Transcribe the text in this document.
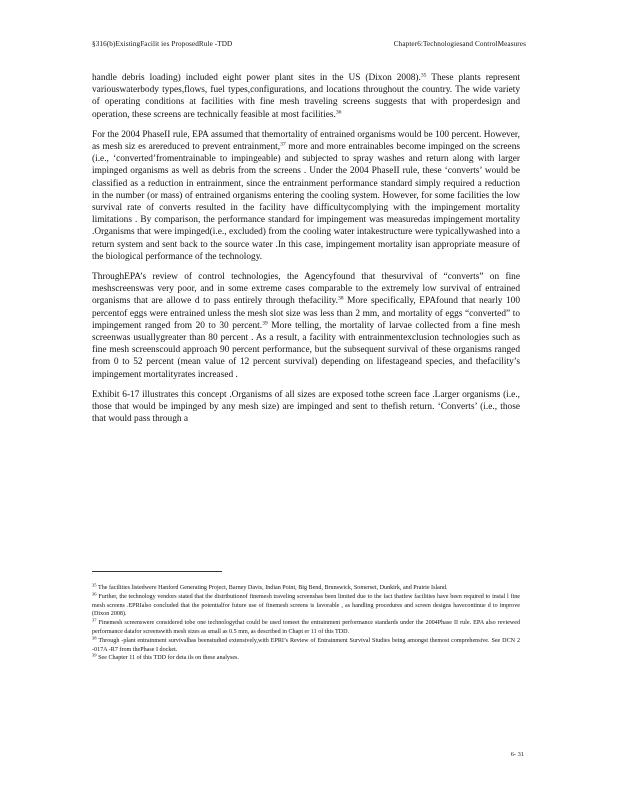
§316(b)ExistingFacilit ies ProposedRule -TDD	Chapter6:Technologiesand ControlMeasures

handle debris loading) included eight power plant sites in the US (Dixon 2008).$^{35}$ These plants represent variouswaterbody types,flows, fuel types,configurations, and locations throughout the country. The wide variety of operating conditions at facilities with fine mesh traveling screens suggests that with properdesign and operation, these screens are technically feasible at most facilities.$^{36}$

For the 2004 PhaseII rule, EPA assumed that themortality of entrained organisms would be 100 percent. However, as mesh siz es arereduced to prevent entrainment,$^{37}$ more and more entrainables become impinged on the screens (i.e., ‘converted’fromentrainable to impingeable) and subjected to spray washes and return along with larger impinged organisms as well as debris from the screens . Under the 2004 PhaseII rule, these ‘converts’ would be classified as a reduction in entrainment, since the entrainment performance standard simply required a reduction in the number (or mass) of entrained organisms entering the cooling system. However, for some facilities the low survival rate of converts resulted in the facility have difficultycomplying with the impingement mortality limitations . By comparison, the performance standard for impingement was measuredas impingement mortality .Organisms that were impinged(i.e., excluded) from the cooling water intakestructure were typicallywashed into a return system and sent back to the source water .In this case, impingement mortality isan appropriate measure of the biological performance of the technology.

ThroughEPA’s review of control technologies, the Agencyfound that thesurvival of “converts” on fine meshscreenswas very poor, and in some extreme cases comparable to the extremely low survival of entrained organisms that are allowe d to pass entirely through thefacility.$^{38}$ More specifically, EPAfound that nearly 100 percentof eggs were entrained unless the mesh slot size was less than 2 mm, and mortality of eggs “converted” to impingement ranged from 20 to 30 percent.$^{39}$ More telling, the mortality of larvae collected from a fine mesh screenwas usuallygreater than 80 percent . As a result, a facility with entrainmentexclusion technologies such as fine mesh screenscould approach 90 percent performance, but the subsequent survival of these organisms ranged from 0 to 52 percent (mean value of 12 percent survival) depending on lifestageand species, and thefacility’s impingement mortalityrates increased .

Exhibit 6-17 illustrates this concept .Organisms of all sizes are exposed tothe screen face .Larger organisms (i.e., those that would be impinged by any mesh size) are impinged and sent to thefish return. ‘Converts’ (i.e., those that would pass through a

$^{35}$ The facilities listedwere Hanford Generating Project, Barney Davis, Indian Point, Big Bend, Brunswick, Somerset, Dunkirk, and Prairie Island.
$^{36}$ Further, the technology vendors stated that the distributionof finemesh traveling screenshas been limited due to the fact thatfew facilities have been required to instal l fine mesh screens .EPRIalso concluded that the potentialfor future use of finemesh screens is favorable , as handling procedures and screen designs havecontinue d to improve (Dixon 2008).
$^{37}$ Finemesh screenswere considered tobe one technologythat could be used tomeet the entrainment performance standards under the 2004Phase II rule. EPA also reviewed performance datafor screenswith mesh sizes as small as 0.5 mm, as described in Chapt er 11 of this TDD.
$^{38}$ Through -plant entrainment survivalhas beenstudied extensively,with EPRI’s Review of Entrainment Survival Studies being amongst themost comprehensive. See DCN 2 -017A -R7 from thePhase I docket.
$^{39}$ See Chapter 11 of this TDD for deta ils on these analyses.
6- 31
